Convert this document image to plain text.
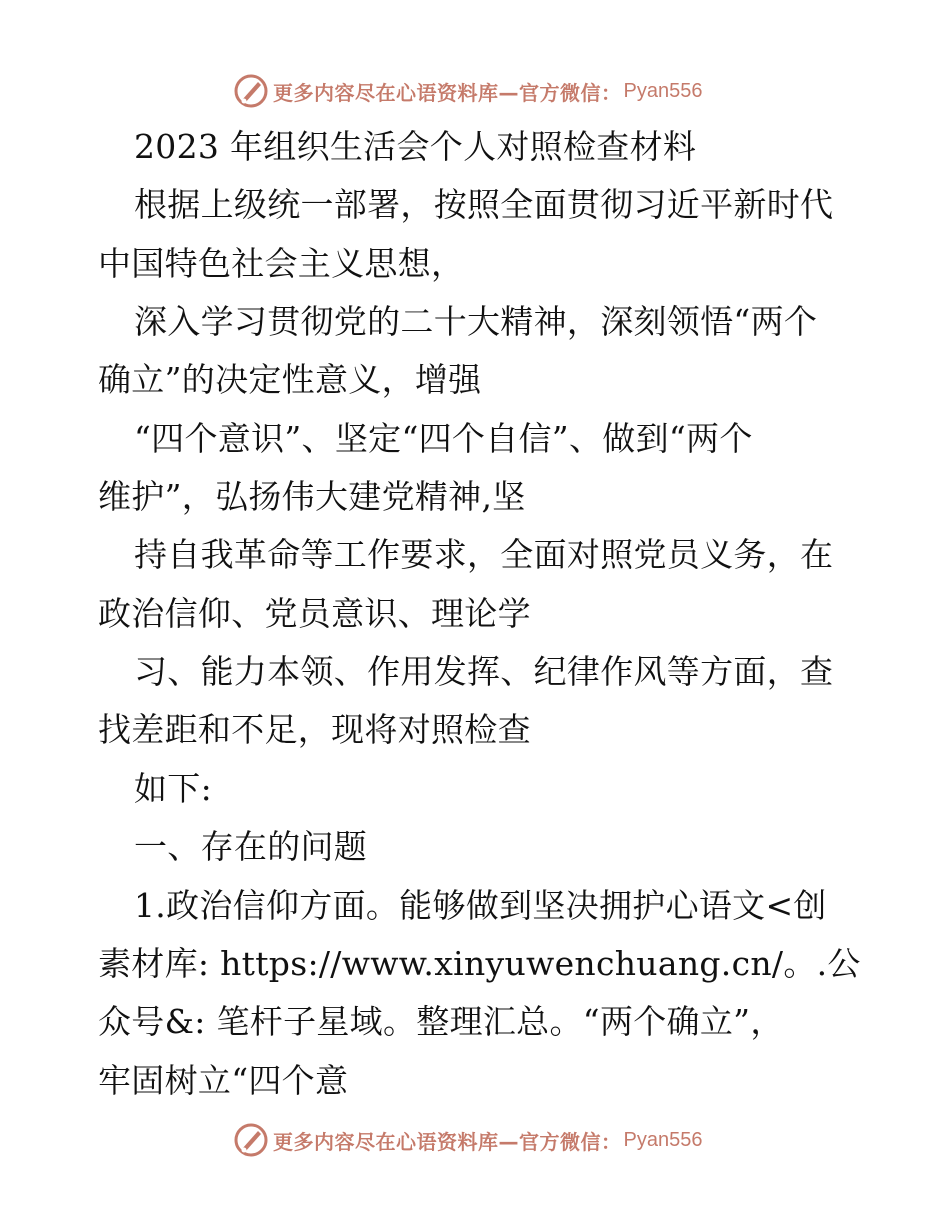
更多内容尽在心语资料库—官方微信： Pyan556
2023 年组织生活会个人对照检查材料
根据上级统一部署，按照全面贯彻习近平新时代
中国特色社会主义思想，
深入学习贯彻党的二十大精神，深刻领悟“两个
确立”的决定性意义，增强
“四个意识”、坚定“四个自信”、做到“两个
维护”，弘扬伟大建党精神,坚
持自我革命等工作要求，全面对照党员义务，在
政治信仰、党员意识、理论学
习、能力本领、作用发挥、纪律作风等方面，查
找差距和不足，现将对照检查
如下:
一、存在的问题
1.政治信仰方面。能够做到坚决拥护心语文<创
素材库: https://www.xinyuwenchuang.cn/。.公
众号&: 笔杆子星域。整理汇总。“两个确立”，
牢固树立“四个意
更多内容尽在心语资料库—官方微信： Pyan556
